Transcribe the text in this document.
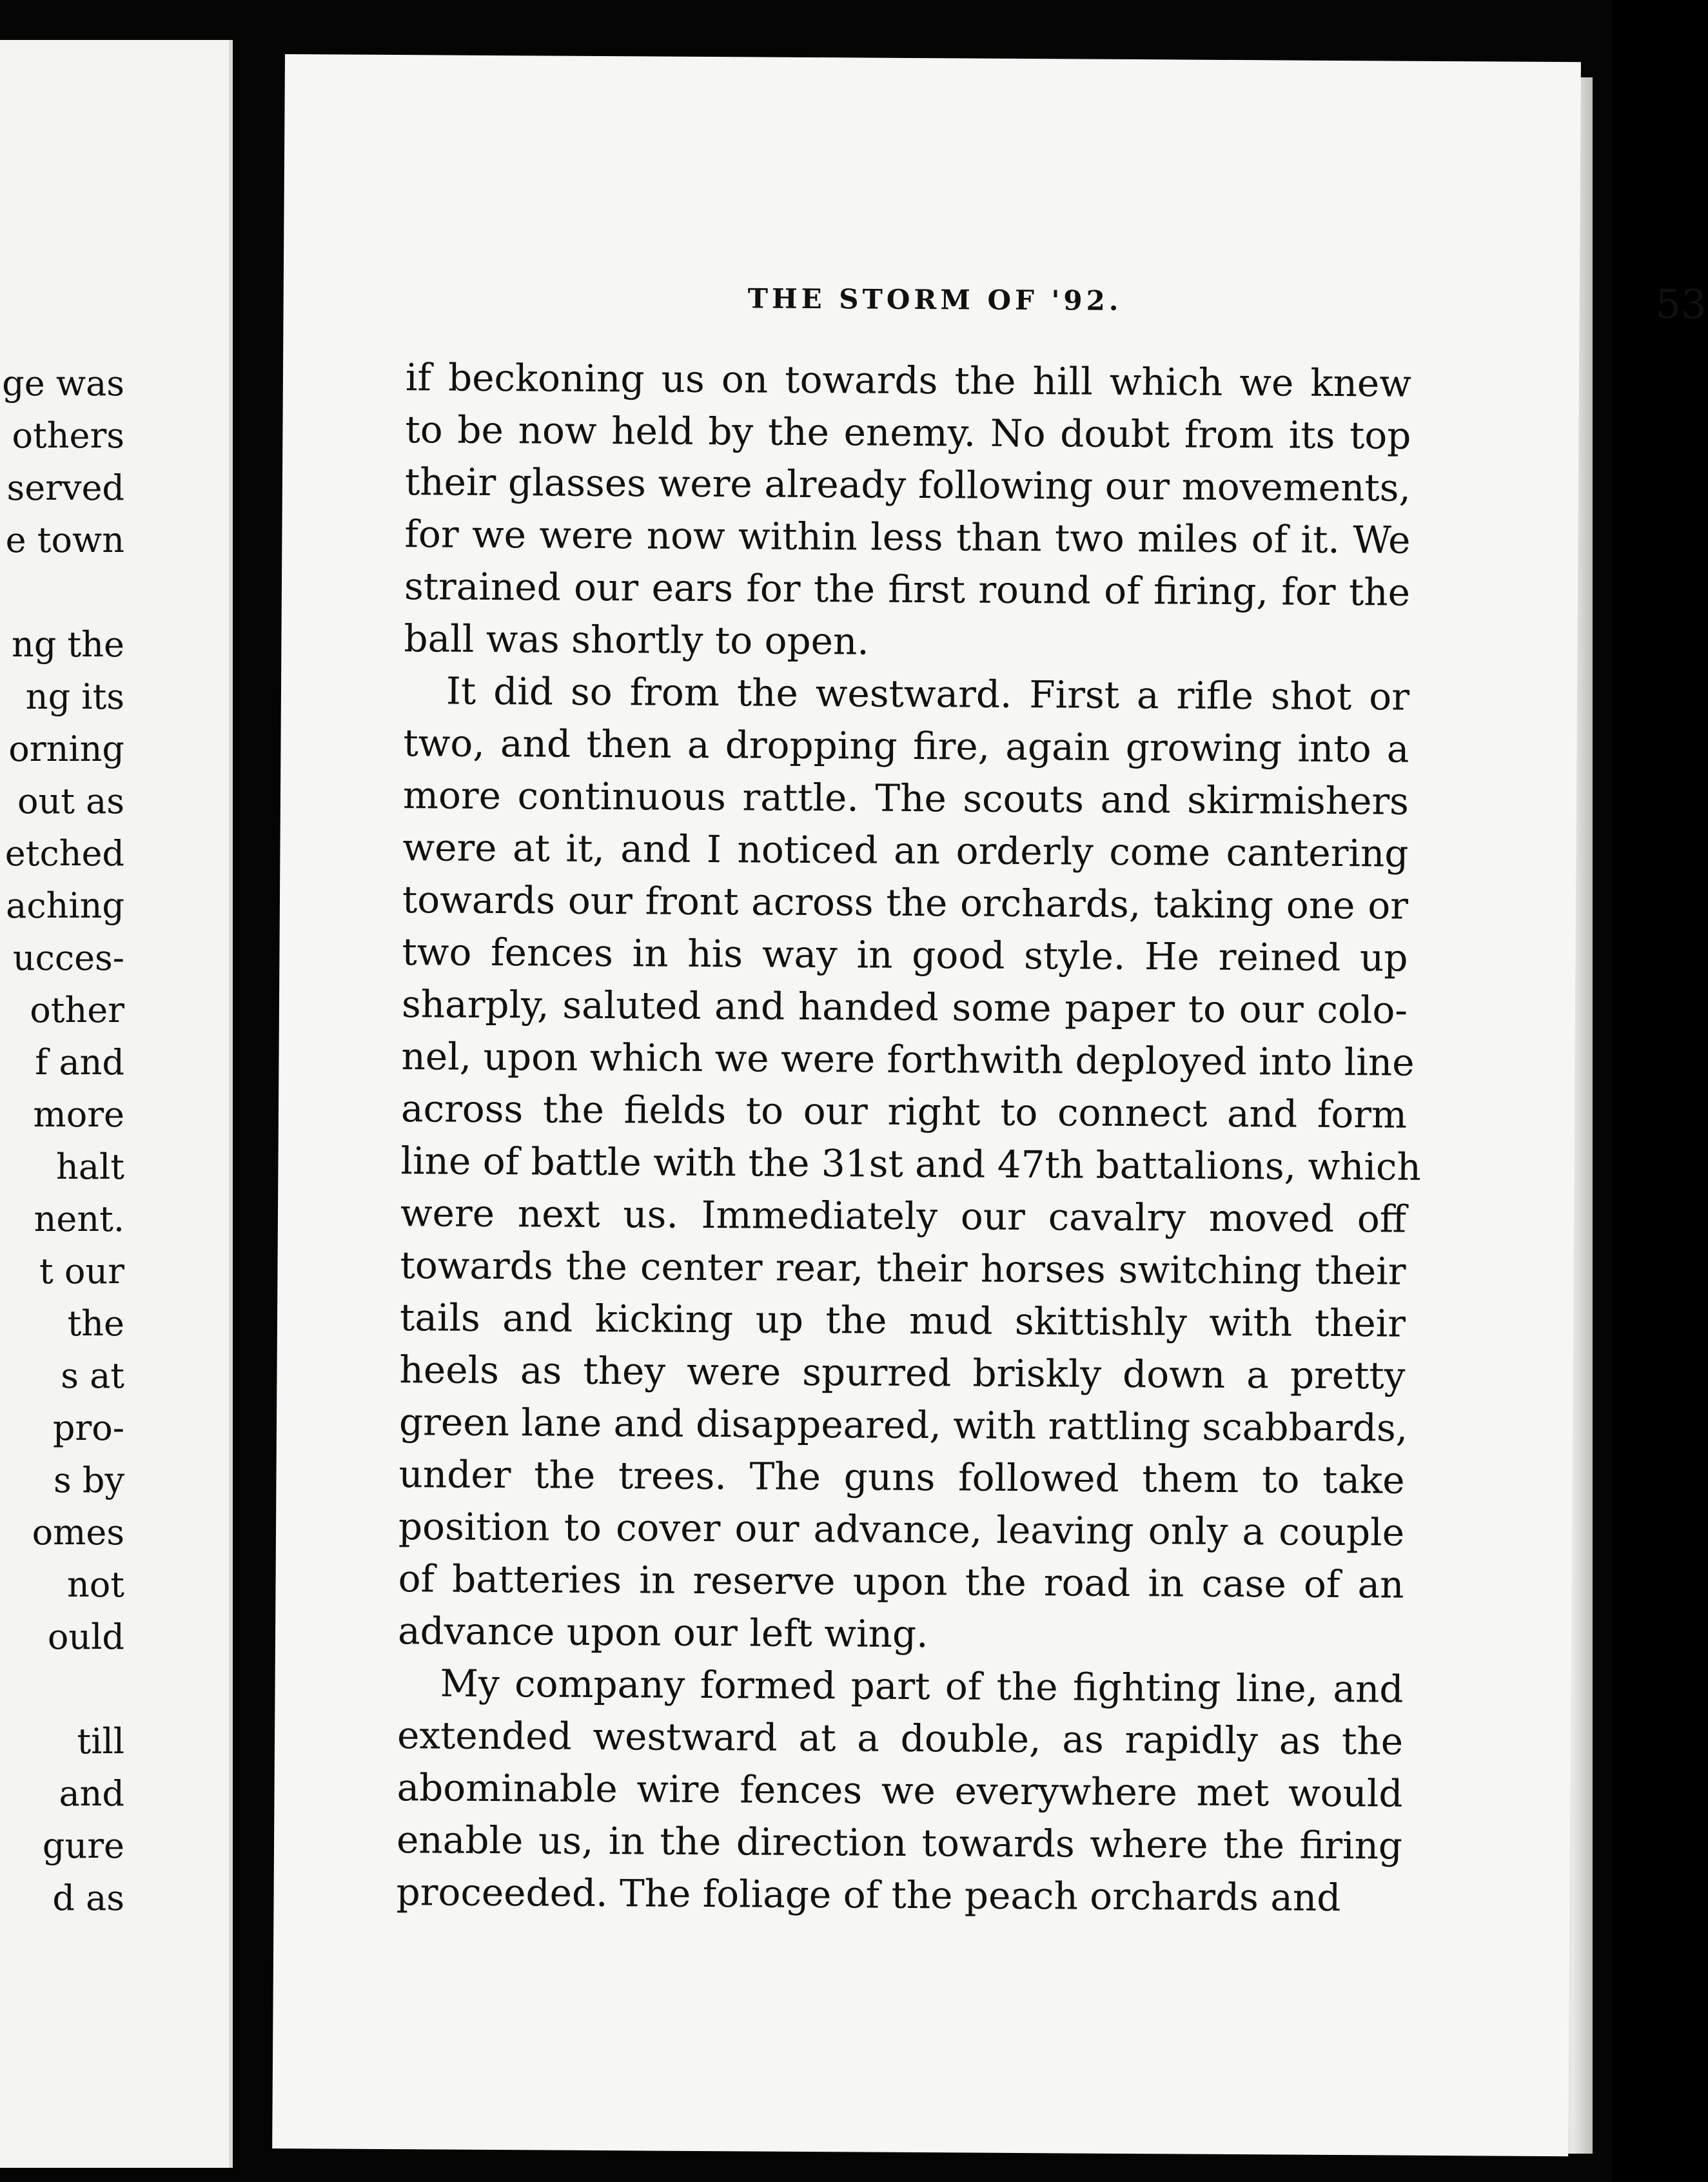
ge was
others
served
e town
ng the
ng its
orning
out as
etched
aching
ucces-
other
f and
more
halt
nent.
t our
the
s at
pro-
s by
omes
not
ould
till
and
gure
d as
THE STORM OF '92.	53
if beckoning us on towards the hill which we knew
to be now held by the enemy. No doubt from its top
their glasses were already following our movements,
for we were now within less than two miles of it. We
strained our ears for the first round of firing, for the
ball was shortly to open.
It did so from the westward. First a rifle shot or
two, and then a dropping fire, again growing into a
more continuous rattle. The scouts and skirmishers
were at it, and I noticed an orderly come cantering
towards our front across the orchards, taking one or
two fences in his way in good style. He reined up
sharply, saluted and handed some paper to our colo-
nel, upon which we were forthwith deployed into line
across the fields to our right to connect and form
line of battle with the 31st and 47th battalions, which
were next us. Immediately our cavalry moved off
towards the center rear, their horses switching their
tails and kicking up the mud skittishly with their
heels as they were spurred briskly down a pretty
green lane and disappeared, with rattling scabbards,
under the trees. The guns followed them to take
position to cover our advance, leaving only a couple
of batteries in reserve upon the road in case of an
advance upon our left wing.
My company formed part of the fighting line, and
extended westward at a double, as rapidly as the
abominable wire fences we everywhere met would
enable us, in the direction towards where the firing
proceeded. The foliage of the peach orchards and
